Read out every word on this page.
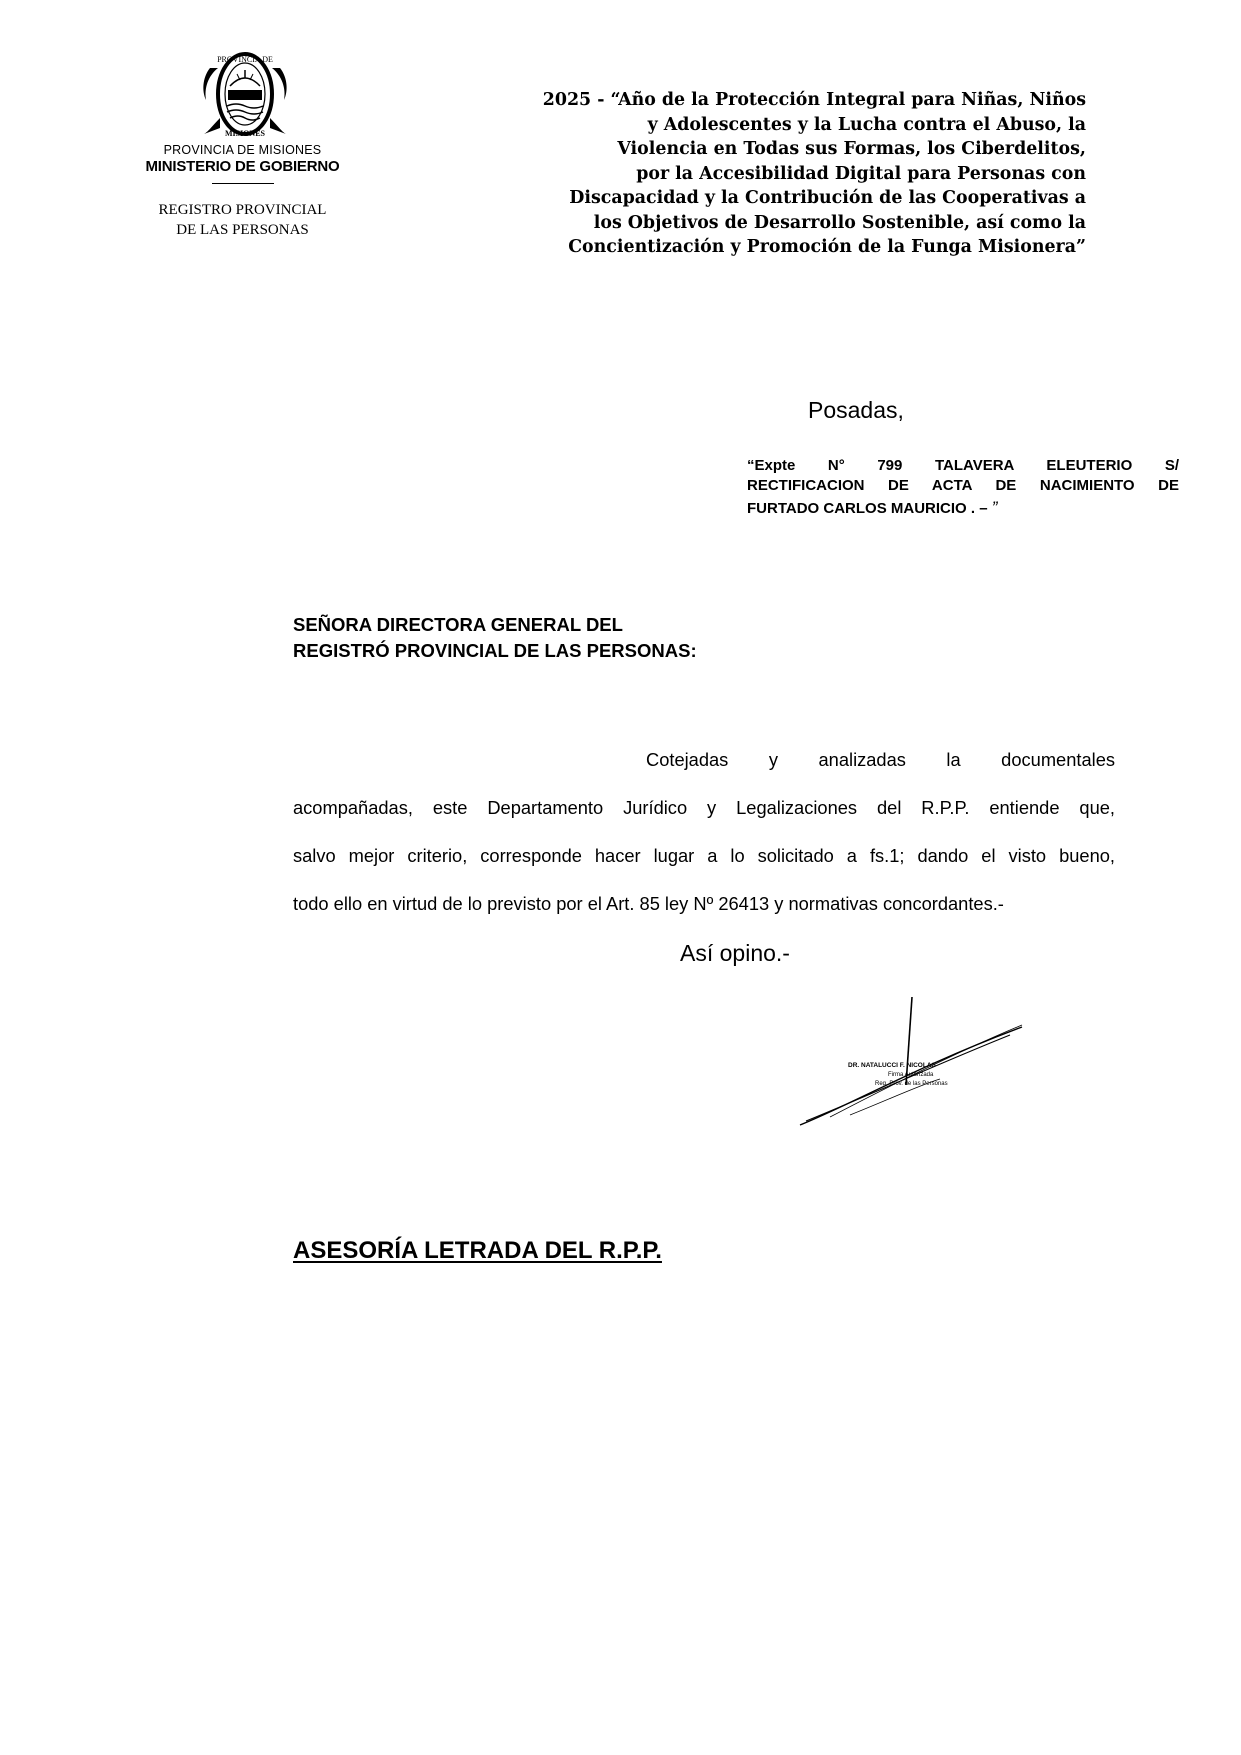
PROVINCIA DE
MISIONES
PROVINCIA DE MISIONES
MINISTERIO DE GOBIERNO
REGISTRO PROVINCIAL
DE LAS PERSONAS
2025 - “Año de la Protección Integral para Niñas, Niños
y Adolescentes y la Lucha contra el Abuso, la
Violencia en Todas sus Formas, los Ciberdelitos,
por la Accesibilidad Digital para Personas con
Discapacidad y la Contribución de las Cooperativas a
los Objetivos de Desarrollo Sostenible, así como la
Concientización y Promoción de la Funga Misionera”
Posadas,
“Expte N° 799 TALAVERA ELEUTERIO S/
RECTIFICACION DE ACTA DE NACIMIENTO DE
FURTADO CARLOS MAURICIO . – ”
SEÑORA DIRECTORA GENERAL DEL
REGISTRÓ PROVINCIAL DE LAS PERSONAS:
Cotejadas y analizadas la documentales
acompañadas, este Departamento Jurídico y Legalizaciones del R.P.P. entiende que,
salvo mejor criterio, corresponde hacer lugar a lo solicitado a fs.1; dando el visto bueno,
todo ello en virtud de lo previsto por el Art. 85 ley Nº 26413 y normativas concordantes.-
Así opino.-
DR. NATALUCCI F. NICOLAS
Firma Autorizada
Reg. Prov. de las Personas
ASESORÍA LETRADA DEL R.P.P.
